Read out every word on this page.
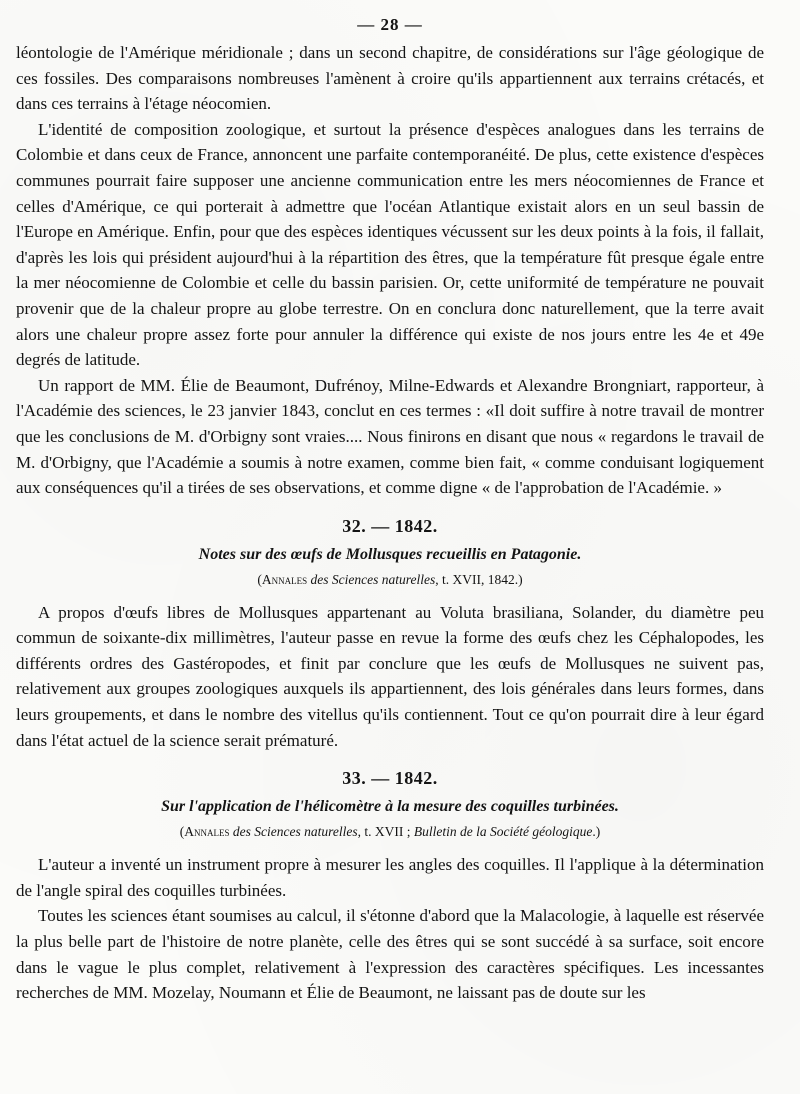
— 28 —

léontologie de l'Amérique méridionale ; dans un second chapitre, de considérations sur l'âge géologique de ces fossiles. Des comparaisons nombreuses l'amènent à croire qu'ils appartiennent aux terrains crétacés, et dans ces terrains à l'étage néocomien.

L'identité de composition zoologique, et surtout la présence d'espèces analogues dans les terrains de Colombie et dans ceux de France, annoncent une parfaite contemporanéité. De plus, cette existence d'espèces communes pourrait faire supposer une ancienne communication entre les mers néocomiennes de France et celles d'Amérique, ce qui porterait à admettre que l'océan Atlantique existait alors en un seul bassin de l'Europe en Amérique. Enfin, pour que des espèces identiques vécussent sur les deux points à la fois, il fallait, d'après les lois qui président aujourd'hui à la répartition des êtres, que la température fût presque égale entre la mer néocomienne de Colombie et celle du bassin parisien. Or, cette uniformité de température ne pouvait provenir que de la chaleur propre au globe terrestre. On en conclura donc naturellement, que la terre avait alors une chaleur propre assez forte pour annuler la différence qui existe de nos jours entre les 4e et 49e degrés de latitude.

Un rapport de MM. Élie de Beaumont, Dufrénoy, Milne-Edwards et Alexandre Brongniart, rapporteur, à l'Académie des sciences, le 23 janvier 1843, conclut en ces termes : «Il doit suffire à notre travail de montrer que les conclusions de M. d'Orbigny sont vraies.... Nous finirons en disant que nous « regardons le travail de M. d'Orbigny, que l'Académie a soumis à notre examen, comme bien fait, « comme conduisant logiquement aux conséquences qu'il a tirées de ses observations, et comme digne « de l'approbation de l'Académie. »

32. — 1842.
Notes sur des œufs de Mollusques recueillis en Patagonie.
(Annales des Sciences naturelles, t. XVII, 1842.)

A propos d'œufs libres de Mollusques appartenant au Voluta brasiliana, Solander, du diamètre peu commun de soixante-dix millimètres, l'auteur passe en revue la forme des œufs chez les Céphalopodes, les différents ordres des Gastéropodes, et finit par conclure que les œufs de Mollusques ne suivent pas, relativement aux groupes zoologiques auxquels ils appartiennent, des lois générales dans leurs formes, dans leurs groupements, et dans le nombre des vitellus qu'ils contiennent. Tout ce qu'on pourrait dire à leur égard dans l'état actuel de la science serait prématuré.

33. — 1842.
Sur l'application de l'hélicomètre à la mesure des coquilles turbinées.
(Annales des Sciences naturelles, t. XVII ; Bulletin de la Société géologique.)

L'auteur a inventé un instrument propre à mesurer les angles des coquilles. Il l'applique à la détermination de l'angle spiral des coquilles turbinées.

Toutes les sciences étant soumises au calcul, il s'étonne d'abord que la Malacologie, à laquelle est réservée la plus belle part de l'histoire de notre planète, celle des êtres qui se sont succédé à sa surface, soit encore dans le vague le plus complet, relativement à l'expression des caractères spécifiques. Les incessantes recherches de MM. Mozelay, Noumann et Élie de Beaumont, ne laissant pas de doute sur les
